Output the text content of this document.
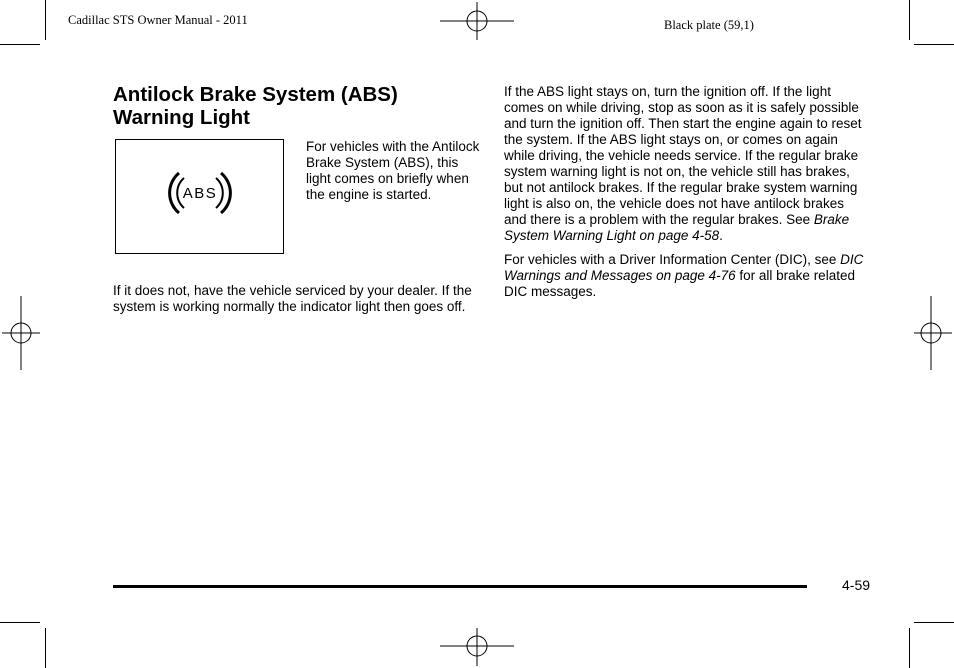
Cadillac STS Owner Manual - 2011	Black plate (59,1)
Antilock Brake System (ABS)
Warning Light
ABS
For vehicles with the Antilock Brake System (ABS), this light comes on briefly when the engine is started.
If it does not, have the vehicle serviced by your dealer. If the system is working normally the indicator light then goes off.

If the ABS light stays on, turn the ignition off. If the light comes on while driving, stop as soon as it is safely possible and turn the ignition off. Then start the engine again to reset the system. If the ABS light stays on, or comes on again while driving, the vehicle needs service. If the regular brake system warning light is not on, the vehicle still has brakes, but not antilock brakes. If the regular brake system warning light is also on, the vehicle does not have antilock brakes and there is a problem with the regular brakes. See Brake System Warning Light on page 4-58.

For vehicles with a Driver Information Center (DIC), see DIC Warnings and Messages on page 4-76 for all brake related DIC messages.

4-59
